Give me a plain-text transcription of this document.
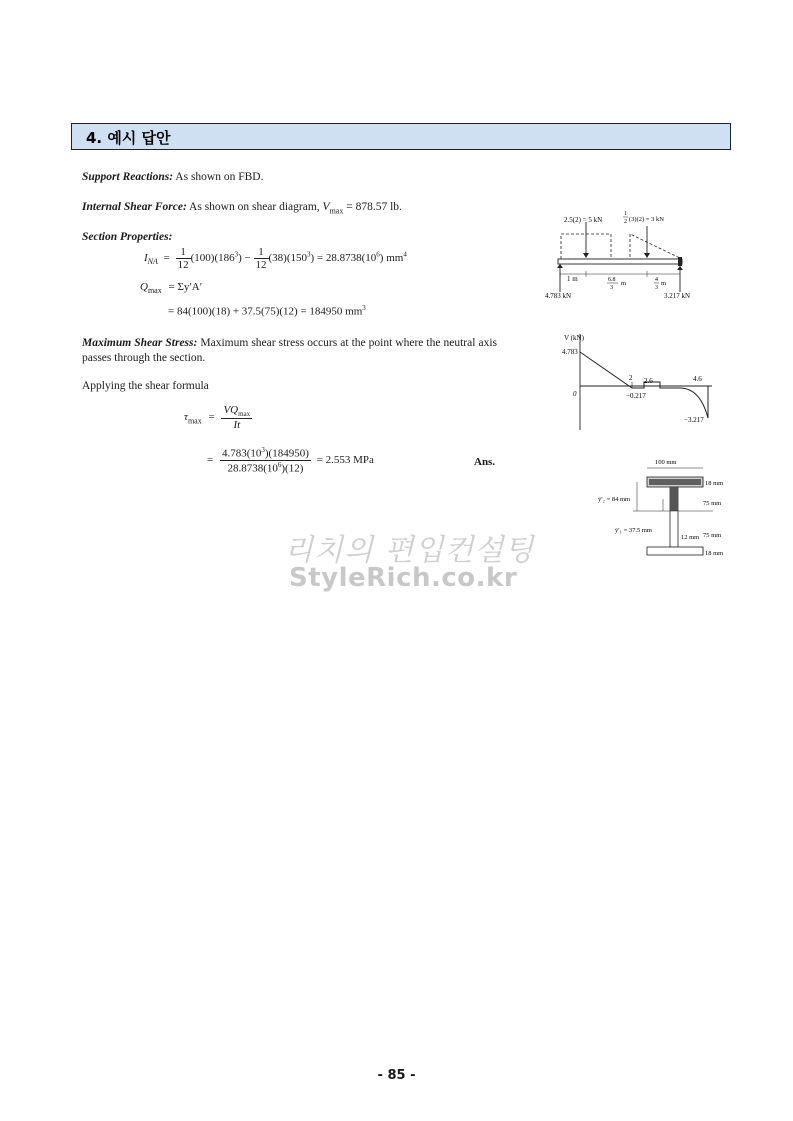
4. 예시 답안
Support Reactions: As shown on FBD.
Internal Shear Force: As shown on shear diagram, $V_{max} = 878.57$ lb.
Section Properties:
$I_{NA} = \frac{1}{12} (100)(186^3) - \frac{1}{12} (38)(150^3) = 28.8738(10^6)$ $mm^4$
$Q_{max} = \Sigma y'A'$
= 84(100)(18) + 37.5(75)(12) = 184950 $mm^3$
Maximum Shear Stress: Maximum shear stress occurs at the point where the neutral axis passes through the section.
Applying the shear formula
$\tau_{max} = \frac{VQ_{max}}{It}$
= $\frac{4.783(10^3)(184950)}{28.8738(10^6)(12)} = 2.553$ MPa	Ans.
2.5(2) = 5 kN
1
2 (3)(2) = 3 kN
1 m	6.8
3
m	4
3
m
4.783 kN	3.217 kN
V (kN)
4.783
0
2 2.6	4.6
−0.217
−3.217
100 mm
18 mm
ȳ′₂ = 84 mm
75 mm
ȳ′₁ = 37.5 mm
12 mm 75 mm
18 mm
리치의 편입컨설팅
StyleRich.co.kr
- 85 -
